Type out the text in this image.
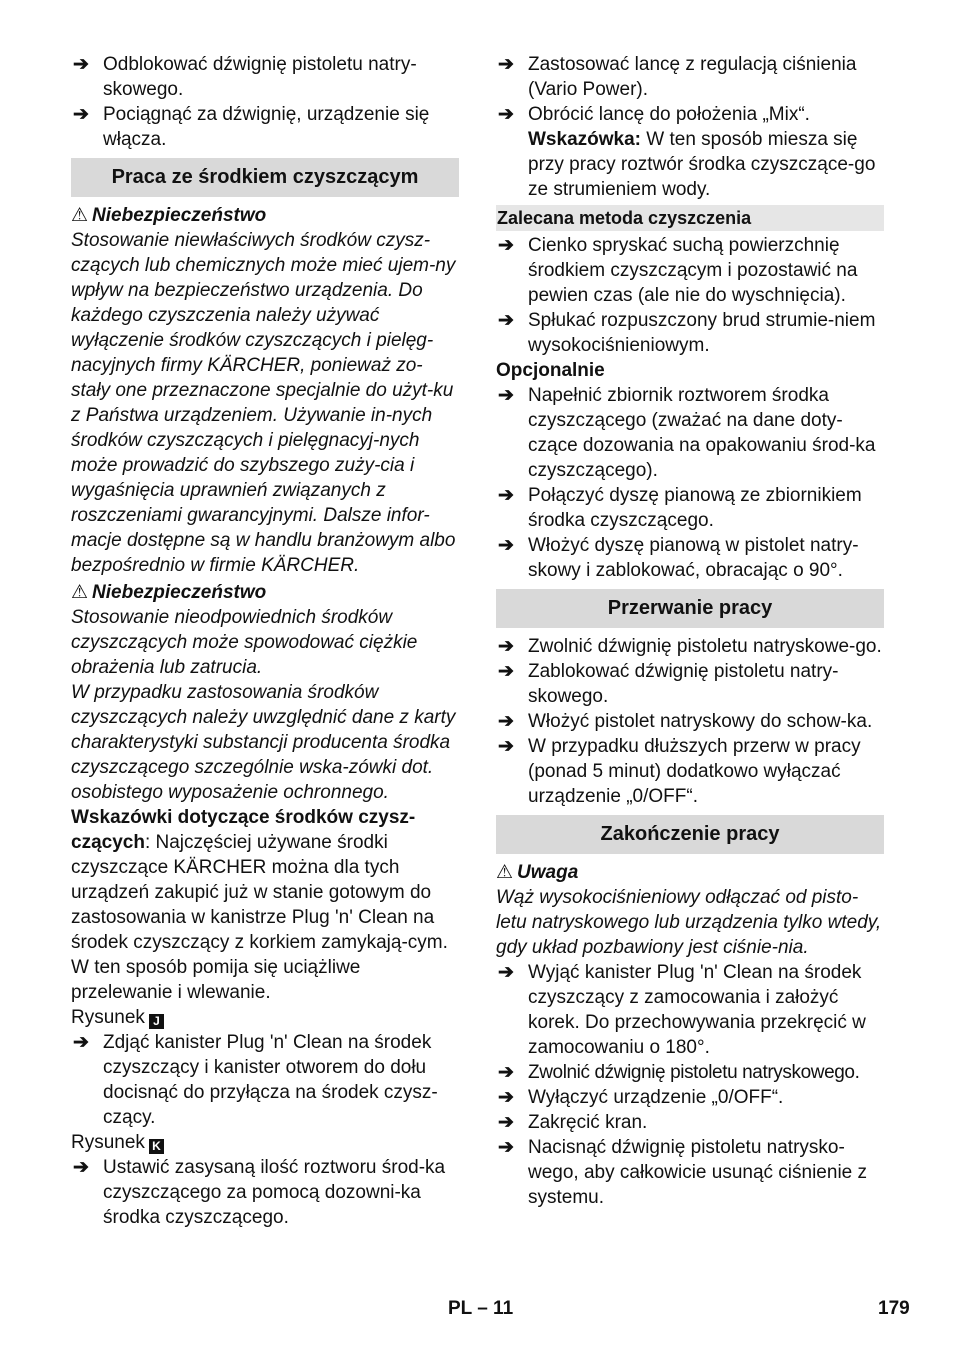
➔ Odblokować dźwignię pistoletu natry-skowego.
➔ Pociągnąć za dźwignię, urządzenie się włącza.
Praca ze środkiem czyszczącym
⚠ Niebezpieczeństwo

Stosowanie niewłaściwych środków czysz-czących lub chemicznych może mieć ujem-ny wpływ na bezpieczeństwo urządzenia. Do każdego czyszczenia należy używać wyłączenie środków czyszczących i pielęg-nacyjnych firmy KÄRCHER, ponieważ zo-stały one przeznaczone specjalnie do użyt-ku z Państwa urządzeniem. Używanie in-nych środków czyszczących i pielęgnacyj-nych może prowadzić do szybszego zuży-cia i wygaśnięcia uprawnień związanych z roszczeniami gwarancyjnymi. Dalsze infor-macje dostępne są w handlu branżowym albo bezpośrednio w firmie KÄRCHER.

⚠ Niebezpieczeństwo

Stosowanie nieodpowiednich środków czyszczących może spowodować ciężkie obrażenia lub zatrucia.

W przypadku zastosowania środków czyszczących należy uwzględnić dane z karty charakterystyki substancji producenta środka czyszczącego szczególnie wska-zówki dot. osobistego wyposażenie ochronnego.

Wskazówki dotyczące środków czysz-czących: Najczęściej używane środki czyszczące KÄRCHER można dla tych urządzeń zakupić już w stanie gotowym do zastosowania w kanistrze Plug 'n' Clean na środek czyszczący z korkiem zamykają-cym. W ten sposób pomija się uciążliwe przelewanie i wlewanie.

Rysunek J

➔ Zdjąć kanister Plug 'n' Clean na środek czyszczący i kanister otworem do dołu docisnąć do przyłącza na środek czysz-czący.

Rysunek K

➔ Ustawić zasysaną ilość roztworu środ-ka czyszczącego za pomocą dozowni-ka środka czyszczącego.
➔ Zastosować lancę z regulacją ciśnienia (Vario Power).
➔ Obrócić lancę do położenia „Mix“.
Wskazówka: W ten sposób miesza się przy pracy roztwór środka czyszczące-go ze strumieniem wody.
Zalecana metoda czyszczenia
➔ Cienko spryskać suchą powierzchnię środkiem czyszczącym i pozostawić na pewien czas (ale nie do wyschnięcia).
➔ Spłukać rozpuszczony brud strumie-niem wysokociśnieniowym.
Opcjonalnie
➔ Napełnić zbiornik roztworem środka czyszczącego (zważać na dane doty-czące dozowania na opakowaniu środ-ka czyszczącego).
➔ Połączyć dyszę pianową ze zbiornikiem środka czyszczącego.
➔ Włożyć dyszę pianową w pistolet natry-skowy i zablokować, obracając o 90°.
Przerwanie pracy
➔ Zwolnić dźwignię pistoletu natryskowe-go.
➔ Zablokować dźwignię pistoletu natry-skowego.
➔ Włożyć pistolet natryskowy do schow-ka.
➔ W przypadku dłuższych przerw w pracy (ponad 5 minut) dodatkowo wyłączać urządzenie „0/OFF“.
Zakończenie pracy
⚠ Uwaga

Wąż wysokociśnieniowy odłączać od pisto-letu natryskowego lub urządzenia tylko wtedy, gdy układ pozbawiony jest ciśnie-nia.

➔ Wyjąć kanister Plug 'n' Clean na środek czyszczący z zamocowania i założyć korek. Do przechowywania przekręcić w zamocowaniu o 180°.
➔ Zwolnić dźwignię pistoletu natryskowego.
➔ Wyłączyć urządzenie „0/OFF“.
➔ Zakręcić kran.
➔ Nacisnąć dźwignię pistoletu natrysko-wego, aby całkowicie usunąć ciśnienie z systemu.
PL – 11	179
